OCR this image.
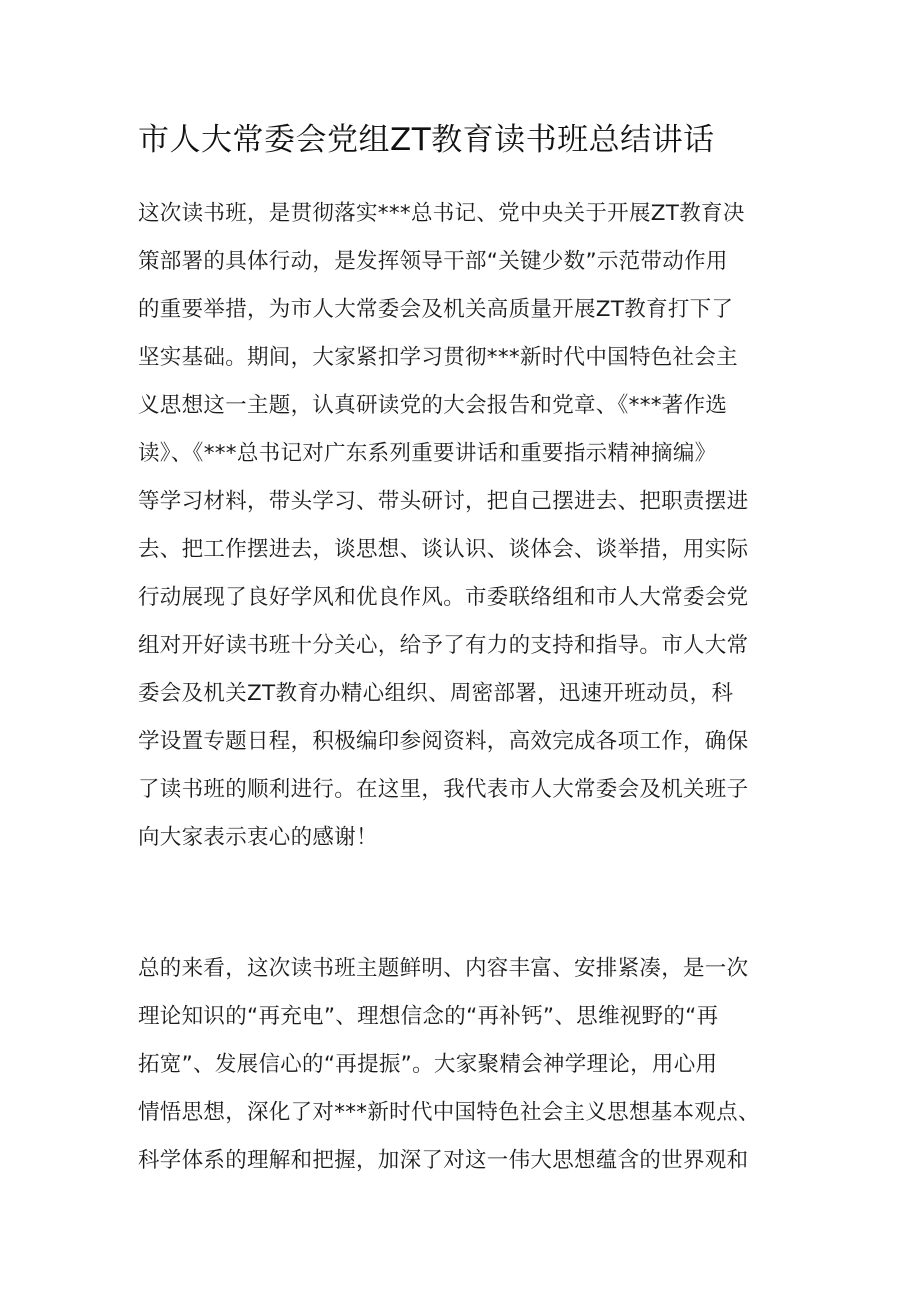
市人大常委会党组ZT教育读书班总结讲话
这次读书班，是贯彻落实***总书记、党中央关于开展ZT教育决
策部署的具体行动，是发挥领导干部“关键少数”示范带动作用
的重要举措，为市人大常委会及机关高质量开展ZT教育打下了
坚实基础。期间，大家紧扣学习贯彻***新时代中国特色社会主
义思想这一主题，认真研读党的大会报告和党章、《***著作选
读》、《***总书记对广东系列重要讲话和重要指示精神摘编》
等学习材料，带头学习、带头研讨，把自己摆进去、把职责摆进
去、把工作摆进去，谈思想、谈认识、谈体会、谈举措，用实际
行动展现了良好学风和优良作风。市委联络组和市人大常委会党
组对开好读书班十分关心，给予了有力的支持和指导。市人大常
委会及机关ZT教育办精心组织、周密部署，迅速开班动员，科
学设置专题日程，积极编印参阅资料，高效完成各项工作，确保
了读书班的顺利进行。在这里，我代表市人大常委会及机关班子
向大家表示衷心的感谢！
总的来看，这次读书班主题鲜明、内容丰富、安排紧凑，是一次
理论知识的“再充电”、理想信念的“再补钙”、思维视野的“再
拓宽”、发展信心的“再提振”。大家聚精会神学理论，用心用
情悟思想，深化了对***新时代中国特色社会主义思想基本观点、
科学体系的理解和把握，加深了对这一伟大思想蕴含的世界观和
